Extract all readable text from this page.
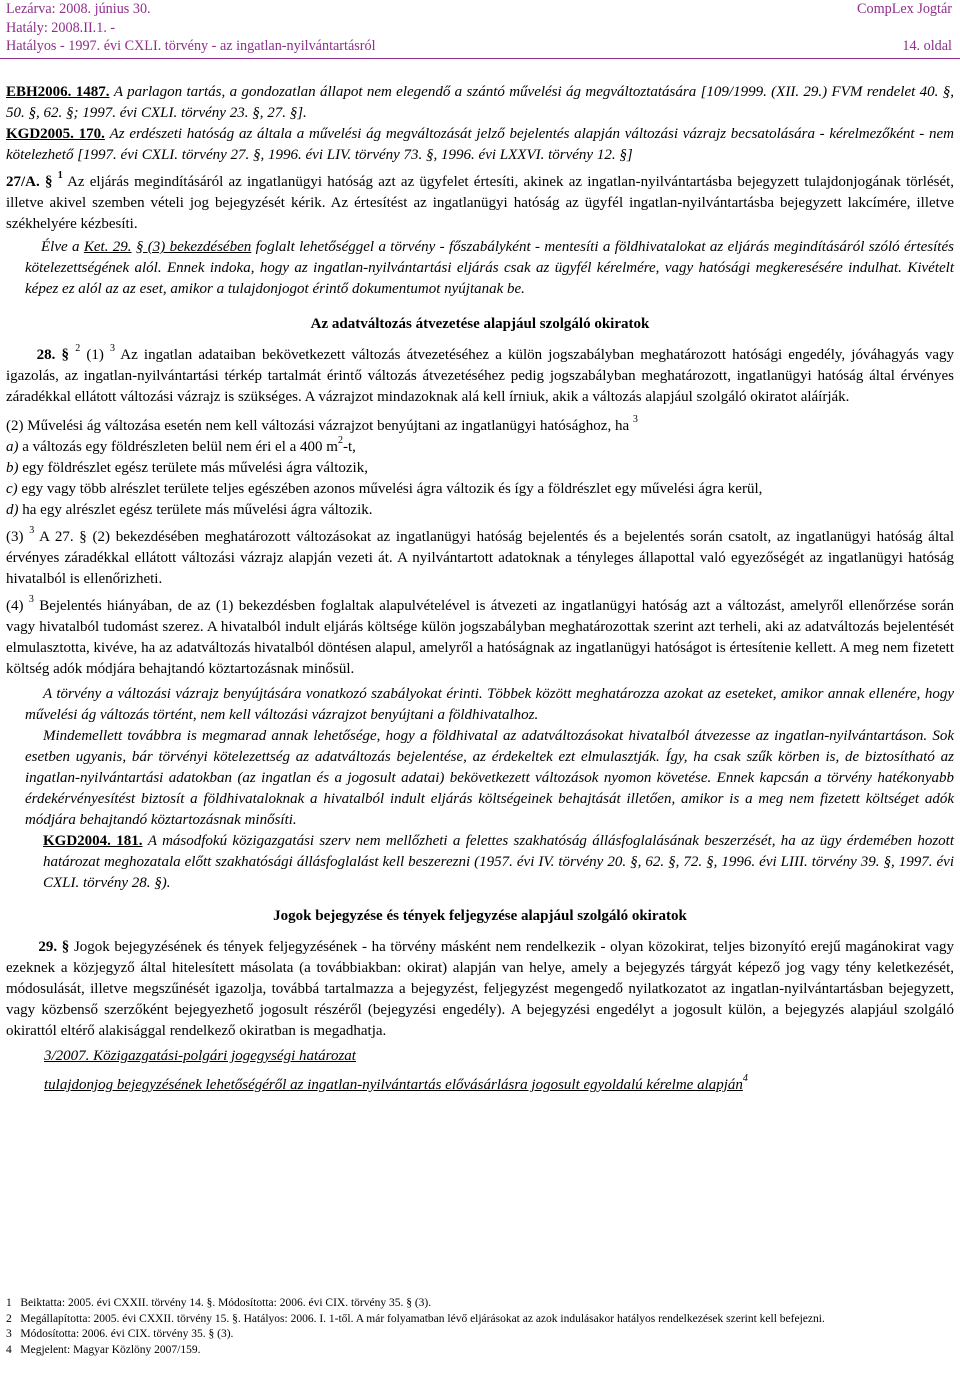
Lezárva: 2008. június 30.
Hatály: 2008.II.1. -
Hatályos - 1997. évi CXLI. törvény - az ingatlan-nyilvántartásról
CompLex Jogtár

14. oldal

EBH2006. 1487. A parlagon tartás, a gondozatlan állapot nem elegendő a szántó művelési ág megváltoztatására [109/1999. (XII. 29.) FVM rendelet 40. §, 50. §, 62. §; 1997. évi CXLI. törvény 23. §, 27. §].

KGD2005. 170. Az erdészeti hatóság az általa a művelési ág megváltozását jelző bejelentés alapján változási vázrajz becsatolására - kérelmezőként - nem kötelezhető [1997. évi CXLI. törvény 27. §, 1996. évi LIV. törvény 73. §, 1996. évi LXXVI. törvény 12. §]

27/A. § $^1$ Az eljárás megindításáról az ingatlanügyi hatóság azt az ügyfelet értesíti, akinek az ingatlan-nyilvántartásba bejegyzett tulajdonjogának törlését, illetve akivel szemben vételi jog bejegyzését kérik. Az értesítést az ingatlanügyi hatóság az ügyfél ingatlan-nyilvántartásba bejegyzett lakcímére, illetve székhelyére kézbesíti.

Élve a Ket. 29. § (3) bekezdésében foglalt lehetőséggel a törvény - főszabályként - mentesíti a földhivatalokat az eljárás megindításáról szóló értesítés kötelezettségének alól. Ennek indoka, hogy az ingatlan-nyilvántartási eljárás csak az ügyfél kérelmére, vagy hatósági megkeresésére indulhat. Kivételt képez ez alól az az eset, amikor a tulajdonjogot érintő dokumentumot nyújtanak be.

Az adatváltozás átvezetése alapjául szolgáló okiratok

28. § $^2$ (1) $^3$ Az ingatlan adataiban bekövetkezett változás átvezetéséhez a külön jogszabályban meghatározott hatósági engedély, jóváhagyás vagy igazolás, az ingatlan-nyilvántartási térkép tartalmát érintő változás átvezetéséhez pedig jogszabályban meghatározott, ingatlanügyi hatóság által érvényes záradékkal ellátott változási vázrajz is szükséges. A vázrajzot mindazoknak alá kell írniuk, akik a változás alapjául szolgáló okiratot aláírják.

(2) Művelési ág változása esetén nem kell változási vázrajzot benyújtani az ingatlanügyi hatósághoz, ha $^3$

a) a változás egy földrészleten belül nem éri el a 400 $m^2-t$,
b) egy földrészlet egész területe más művelési ágra változik,
c) egy vagy több alrészlet területe teljes egészében azonos művelési ágra változik és így a földrészlet egy művelési ágra kerül,
d) ha egy alrészlet egész területe más művelési ágra változik.

(3) $^3$ A 27. § (2) bekezdésében meghatározott változásokat az ingatlanügyi hatóság bejelentés és a bejelentés során csatolt, az ingatlanügyi hatóság által érvényes záradékkal ellátott változási vázrajz alapján vezeti át. A nyilvántartott adatoknak a tényleges állapottal való egyezőségét az ingatlanügyi hatóság hivatalból is ellenőrizheti.

(4) $^3$ Bejelentés hiányában, de az (1) bekezdésben foglaltak alapulvételével is átvezeti az ingatlanügyi hatóság azt a változást, amelyről ellenőrzése során vagy hivatalból tudomást szerez. A hivatalból indult eljárás költsége külön jogszabályban meghatározottak szerint azt terheli, aki az adatváltozás bejelentését elmulasztotta, kivéve, ha az adatváltozás hivatalból döntésen alapul, amelyről a hatóságnak az ingatlanügyi hatóságot is értesítenie kellett. A meg nem fizetett költség adók módjára behajtandó köztartozásnak minősül.

A törvény a változási vázrajz benyújtására vonatkozó szabályokat érinti. Többek között meghatározza azokat az eseteket, amikor annak ellenére, hogy művelési ág változás történt, nem kell változási vázrajzot benyújtani a földhivatalhoz.

Mindemellett továbbra is megmarad annak lehetősége, hogy a földhivatal az adatváltozásokat hivatalból átvezesse az ingatlan-nyilvántartáson. Sok esetben ugyanis, bár törvényi kötelezettség az adatváltozás bejelentése, az érdekeltek ezt elmulasztják. Így, ha csak szűk körben is, de biztosítható az ingatlan-nyilvántartási adatokban (az ingatlan és a jogosult adatai) bekövetkezett változások nyomon követése. Ennek kapcsán a törvény hatékonyabb érdekérvényesítést biztosít a földhivataloknak a hivatalból indult eljárás költségeinek behajtását illetően, amikor is a meg nem fizetett költséget adók módjára behajtandó köztartozásnak minősíti.

KGD2004. 181. A másodfokú közigazgatási szerv nem mellőzheti a felettes szakhatóság állásfoglalásának beszerzését, ha az ügy érdemében hozott határozat meghozatala előtt szakhatósági állásfoglalást kell beszerezni (1957. évi IV. törvény 20. §, 62. §, 72. §, 1996. évi LIII. törvény 39. §, 1997. évi CXLI. törvény 28. §).

Jogok bejegyzése és tények feljegyzése alapjául szolgáló okiratok

29. § Jogok bejegyzésének és tények feljegyzésének - ha törvény másként nem rendelkezik - olyan közokirat, teljes bizonyító erejű magánokirat vagy ezeknek a közjegyző által hitelesített másolata (a továbbiakban: okirat) alapján van helye, amely a bejegyzés tárgyát képező jog vagy tény keletkezését, módosulását, illetve megszűnését igazolja, továbbá tartalmazza a bejegyzést, feljegyzést megengedő nyilatkozatot az ingatlan-nyilvántartásban bejegyzett, vagy közbenső szerzőként bejegyezhető jogosult részéről (bejegyzési engedély). A bejegyzési engedélyt a jogosult külön, a bejegyzés alapjául szolgáló okirattól eltérő alakisággal rendelkező okiratban is megadhatja.

3/2007. Közigazgatási-polgári jogegységi határozat

tulajdonjog bejegyzésének lehetőségéről az ingatlan-nyilvántartás elővásárlásra jogosult egyoldalú kérelme alapján$^4$

1 Beiktatta: 2005. évi CXXII. törvény 14. §. Módosította: 2006. évi CIX. törvény 35. § (3).
2 Megállapította: 2005. évi CXXII. törvény 15. §. Hatályos: 2006. I. 1-től. A már folyamatban lévő eljárásokat az azok indulásakor hatályos rendelkezések szerint kell befejezni.
3 Módosította: 2006. évi CIX. törvény 35. § (3).
4 Megjelent: Magyar Közlöny 2007/159.
